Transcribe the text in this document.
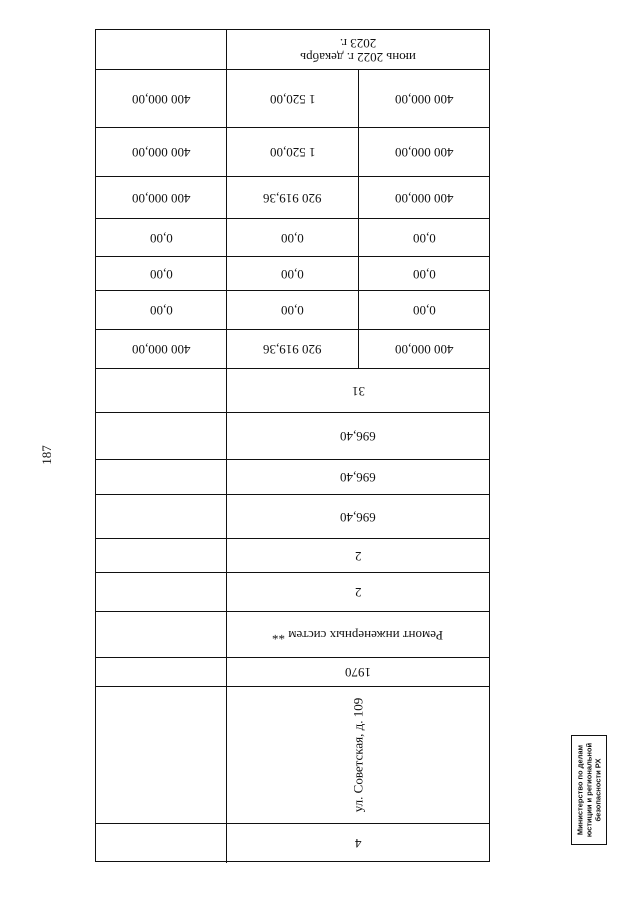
187
июнь 2022 г. декабрь 2023 г.
400 000,00	1 520,00	400 000,00
400 000,00	1 520,00	400 000,00
400 000,00	920 919,36	400 000,00
0,00	0,00	0,00
0,00	0,00	0,00
0,00	0,00	0,00
400 000,00	920 919,36	400 000,00
31
696,40
696,40
696,40
2
2
Ремонт инженерных систем **
1970
ул. Советская, д. 109
4
Министерство по делам юстиции и региональной безопасности РХ
